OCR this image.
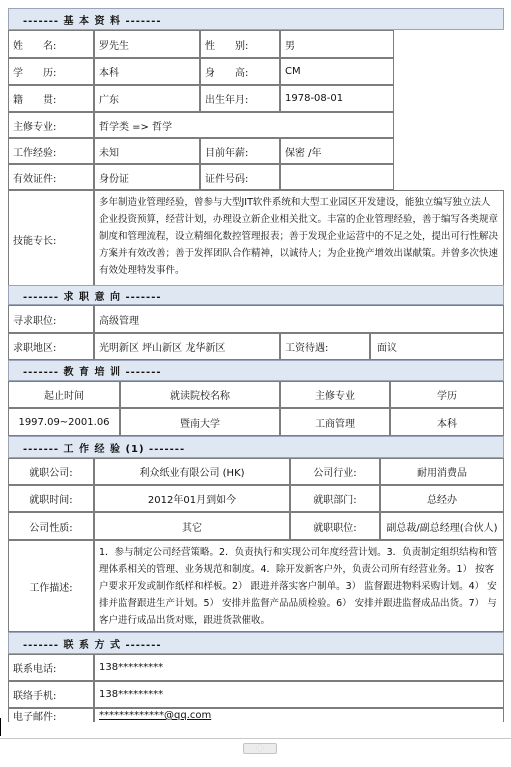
------- 基 本 资 料 -------
姓　　名:	罗先生	性　　别:	男
学　　历:	本科	身　　高:	CM
籍　　贯:	广东	出生年月:	1978-08-01
主修专业:	哲学类 => 哲学
工作经验:	未知	目前年薪:	保密 /年
有效证件:	身份证	证件号码:
技能专长:
多年制造业管理经验，曾参与大型JIT软件系统和大型工业园区开发建设，能独立编写独立法人企业投资预算，经营计划，办理设立新企业相关批文。丰富的企业管理经验，善于编写各类规章制度和管理流程，设立精细化数控管理报表；善于发现企业运营中的不足之处，提出可行性解决方案并有效改善；善于发挥团队合作精神，以诚待人；为企业挽产增效出谋献策。并曾多次快速有效处理特发事件。
------- 求 职 意 向 -------
寻求职位:	高级管理
求职地区:	光明新区 坪山新区 龙华新区	工资待遇:	面议
------- 教 育 培 训 -------
起止时间	就读院校名称	主修专业	学历
1997.09~2001.06	暨南大学	工商管理	本科
------- 工 作 经 验 (1) -------
就职公司:	利众纸业有限公司 (HK)	公司行业:	耐用消费品
就职时间:	2012年01月到如今	就职部门:	总经办
公司性质:	其它	就职职位:	副总裁/副总经理(合伙人)
工作描述:
1．参与制定公司经营策略。2．负责执行和实现公司年度经营计划。3．负责制定组织结构和管理体系相关的管理、业务规范和制度。4．除开发新客户外，负责公司所有经营业务。1） 按客户要求开发或制作纸样和样板。2） 跟进并落实客户制单。3） 监督跟进物料采购计划。4） 安排并监督跟进生产计划。5） 安排并监督产品品质检验。6） 安排并跟进监督成品出货。7） 与客户进行成品出货对账，跟进货款催收。
------- 联 系 方 式 -------
联系电话:	138*********
联络手机:	138*********
电子邮件:	*************@qq.com
+
